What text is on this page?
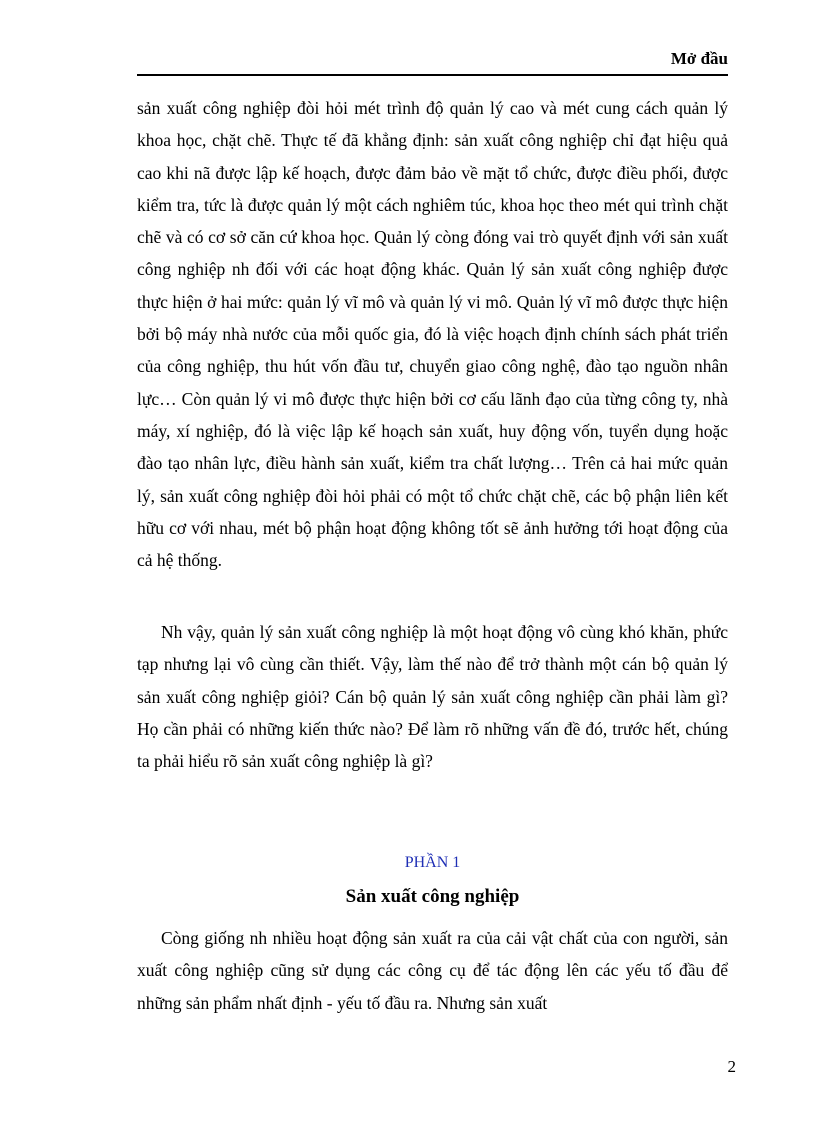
Mở đầu

sản xuất công nghiệp đòi hỏi mét trình độ quản lý cao và mét cung cách quản lý khoa học, chặt chẽ. Thực tế đã khẳng định: sản xuất công nghiệp chỉ đạt hiệu quả cao khi nã được lập kế hoạch, được đảm bảo về mặt tổ chức, được điều phối, được kiểm tra, tức là được quản lý một cách nghiêm túc, khoa học theo mét qui trình chặt chẽ và có cơ sở căn cứ khoa học. Quản lý còng đóng vai trò quyết định với sản xuất công nghiệp nh đối với các hoạt động khác. Quản lý sản xuất công nghiệp được thực hiện ở hai mức: quản lý vĩ mô và quản lý vi mô. Quản lý vĩ mô được thực hiện bởi bộ máy nhà nước của mỗi quốc gia, đó là việc hoạch định chính sách phát triển của công nghiệp, thu hút vốn đầu tư, chuyển giao công nghệ, đào tạo nguồn nhân lực… Còn quản lý vi mô được thực hiện bởi cơ cấu lãnh đạo của từng công ty, nhà máy, xí nghiệp, đó là việc lập kế hoạch sản xuất, huy động vốn, tuyển dụng hoặc đào tạo nhân lực, điều hành sản xuất, kiểm tra chất lượng… Trên cả hai mức quản lý, sản xuất công nghiệp đòi hỏi phải có một tổ chức chặt chẽ, các bộ phận liên kết hữu cơ với nhau, mét bộ phận hoạt động không tốt sẽ ảnh hưởng tới hoạt động của cả hệ thống.

Nh vậy, quản lý sản xuất công nghiệp là một hoạt động vô cùng khó khăn, phức tạp nhưng lại vô cùng cần thiết. Vậy, làm thế nào để trở thành một cán bộ quản lý sản xuất công nghiệp giỏi? Cán bộ quản lý sản xuất công nghiệp cần phải làm gì? Họ cần phải có những kiến thức nào? Để làm rõ những vấn đề đó, trước hết, chúng ta phải hiểu rõ sản xuất công nghiệp là gì?

PHẦN 1
Sản xuất công nghiệp

Còng giống nh nhiều hoạt động sản xuất ra của cải vật chất của con người, sản xuất công nghiệp cũng sử dụng các công cụ để tác động lên các yếu tố đầu để những sản phẩm nhất định - yếu tố đầu ra. Nhưng sản xuất

2
